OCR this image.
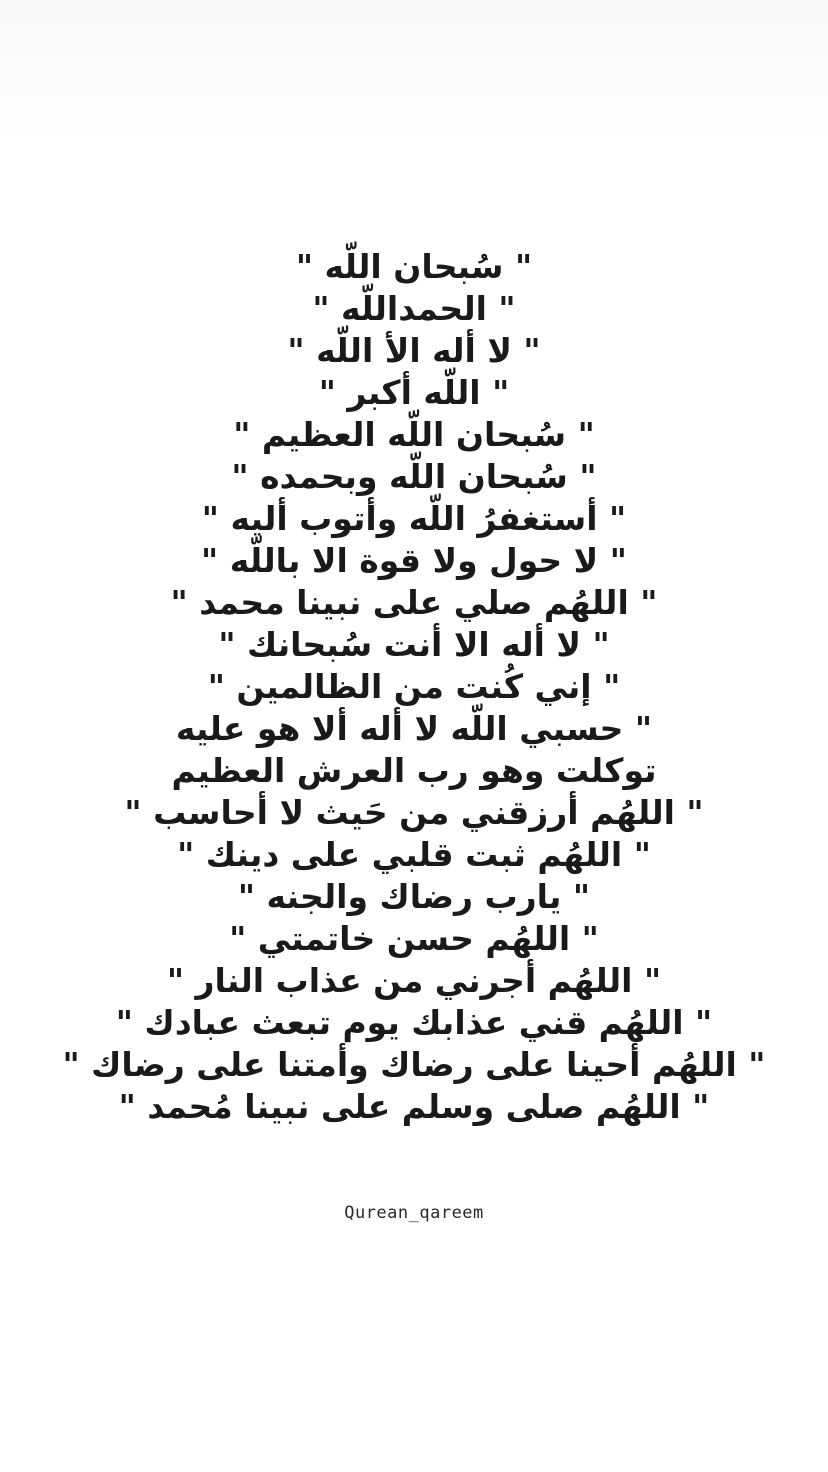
" سُبحان اللّه "
" الحمداللّه "
" لا أله الأ اللّه "
" اللّه أكبر "
" سُبحان اللّه العظيم "
" سُبحان اللّه وبحمده "
" أستغفرُ اللّه وأتوب أليه "
" لا حول ولا قوة الا باللّه "
" اللهُم صلي على نبينا محمد "
" لا أله الا أنت سُبحانك "
" إني كُنت من الظالمين "
" حسبي اللّه لا أله ألا هو عليه
توكلت وهو رب العرش العظيم
" اللهُم أرزقني من حَيث لا أحاسب "
" اللهُم ثبت قلبي على دينك "
" يارب رضاك والجنه "
" اللهُم حسن خاتمتي "
" اللهُم أجرني من عذاب النار "
" اللهُم قني عذابك يوم تبعث عبادك "
" اللهُم أحينا على رضاك وأمتنا على رضاك "
" اللهُم صلى وسلم على نبينا مُحمد "
Qurean_qareem
